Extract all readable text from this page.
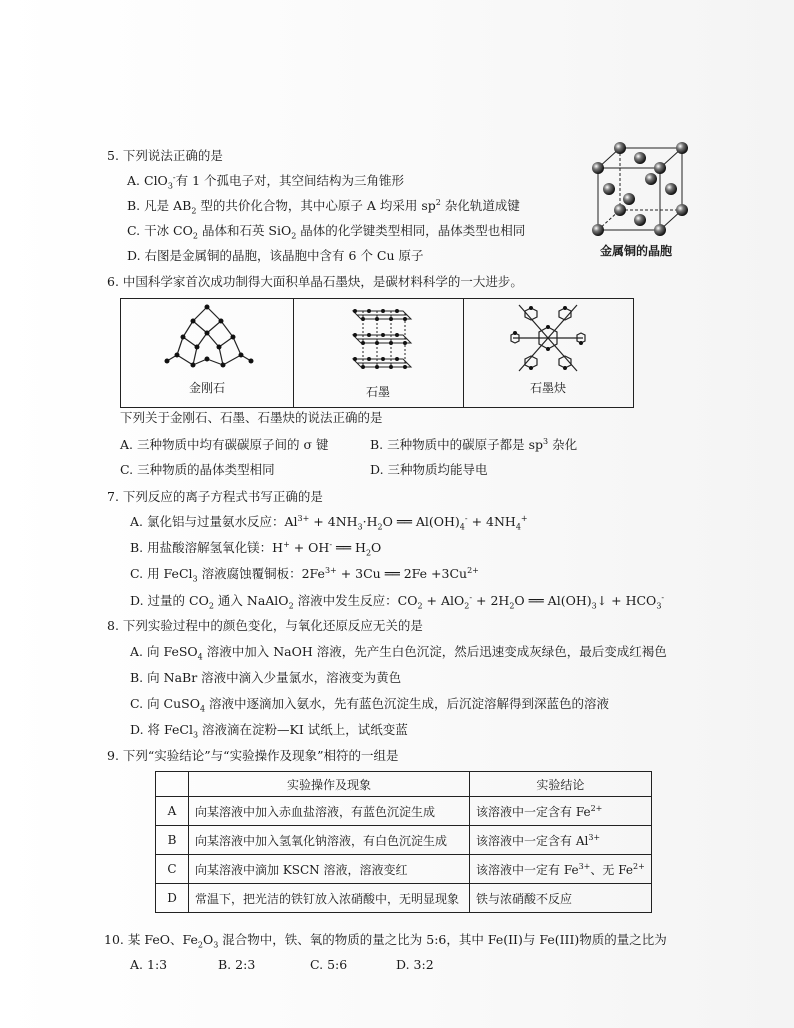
5. 下列说法正确的是
A. ClO$_3$-有 1 个孤电子对，其空间结构为三角锥形
B. 凡是 $AB_2$ 型的共价化合物，其中心原子 A 均采用 $sp^2$ 杂化轨道成键
C. 干冰 $CO_2$ 晶体和石英 SiO$_2$ 晶体的化学键类型相同，晶体类型也相同
D. 右图是金属铜的晶胞，该晶胞中含有 6 个 Cu 原子	金属铜的晶胞
6. 中国科学家首次成功制得大面积单晶石墨炔，是碳材料科学的一大进步。
金刚石	石墨	石墨炔
下列关于金刚石、石墨、石墨炔的说法正确的是
A. 三种物质中均有碳碳原子间的 σ 键	B. 三种物质中的碳原子都是 $sp^3$ 杂化
C. 三种物质的晶体类型相同	D. 三种物质均能导电
7. 下列反应的离子方程式书写正确的是
A. 氯化铝与过量氨水反应：$Al^{3+} + 4NH_3\cdot H_2O$ ══ $Al(OH)_4^- + 4NH_4^+$
B. 用盐酸溶解氢氧化镁：H+ + OH- ══ $H_2O$
C. 用 FeCl$_3$ 溶液腐蚀覆铜板：$2Fe^{3+} + 3Cu$ ══ $2Fe +3Cu^{2+}$
D. 过量的 $CO_2$ 通入 NaAlO$_2$ 溶液中发生反应：$CO_2 + AlO_2^- + 2H_2O$ ══ $Al(OH)_3↓ + HCO_3^-$
8. 下列实验过程中的颜色变化，与氧化还原反应无关的是
A. 向 FeSO$_4$ 溶液中加入 NaOH 溶液，先产生白色沉淀，然后迅速变成灰绿色，最后变成红褐色
B. 向 NaBr 溶液中滴入少量氯水，溶液变为黄色
C. 向 CuSO$_4$ 溶液中逐滴加入氨水，先有蓝色沉淀生成，后沉淀溶解得到深蓝色的溶液
D. 将 FeCl$_3$ 溶液滴在淀粉—KI 试纸上，试纸变蓝
9. 下列“实验结论”与“实验操作及现象”相符的一组是
	实验操作及现象	实验结论
A	向某溶液中加入赤血盐溶液，有蓝色沉淀生成	该溶液中一定含有 $Fe^{2+}$
B	向某溶液中加入氢氧化钠溶液，有白色沉淀生成	该溶液中一定含有 $Al^{3+}$
C	向某溶液中滴加 KSCN 溶液，溶液变红	该溶液中一定有 $Fe^{3+}$、无 $Fe^{2+}$
D	常温下，把光洁的铁钉放入浓硝酸中，无明显现象	铁与浓硝酸不反应
10. 某 FeO、$Fe_2O_3$ 混合物中，铁、氧的物质的量之比为 5:6，其中 Fe(II)与 Fe(III)物质的量之比为
A. 1:3	B. 2:3	C. 5:6	D. 3:2
